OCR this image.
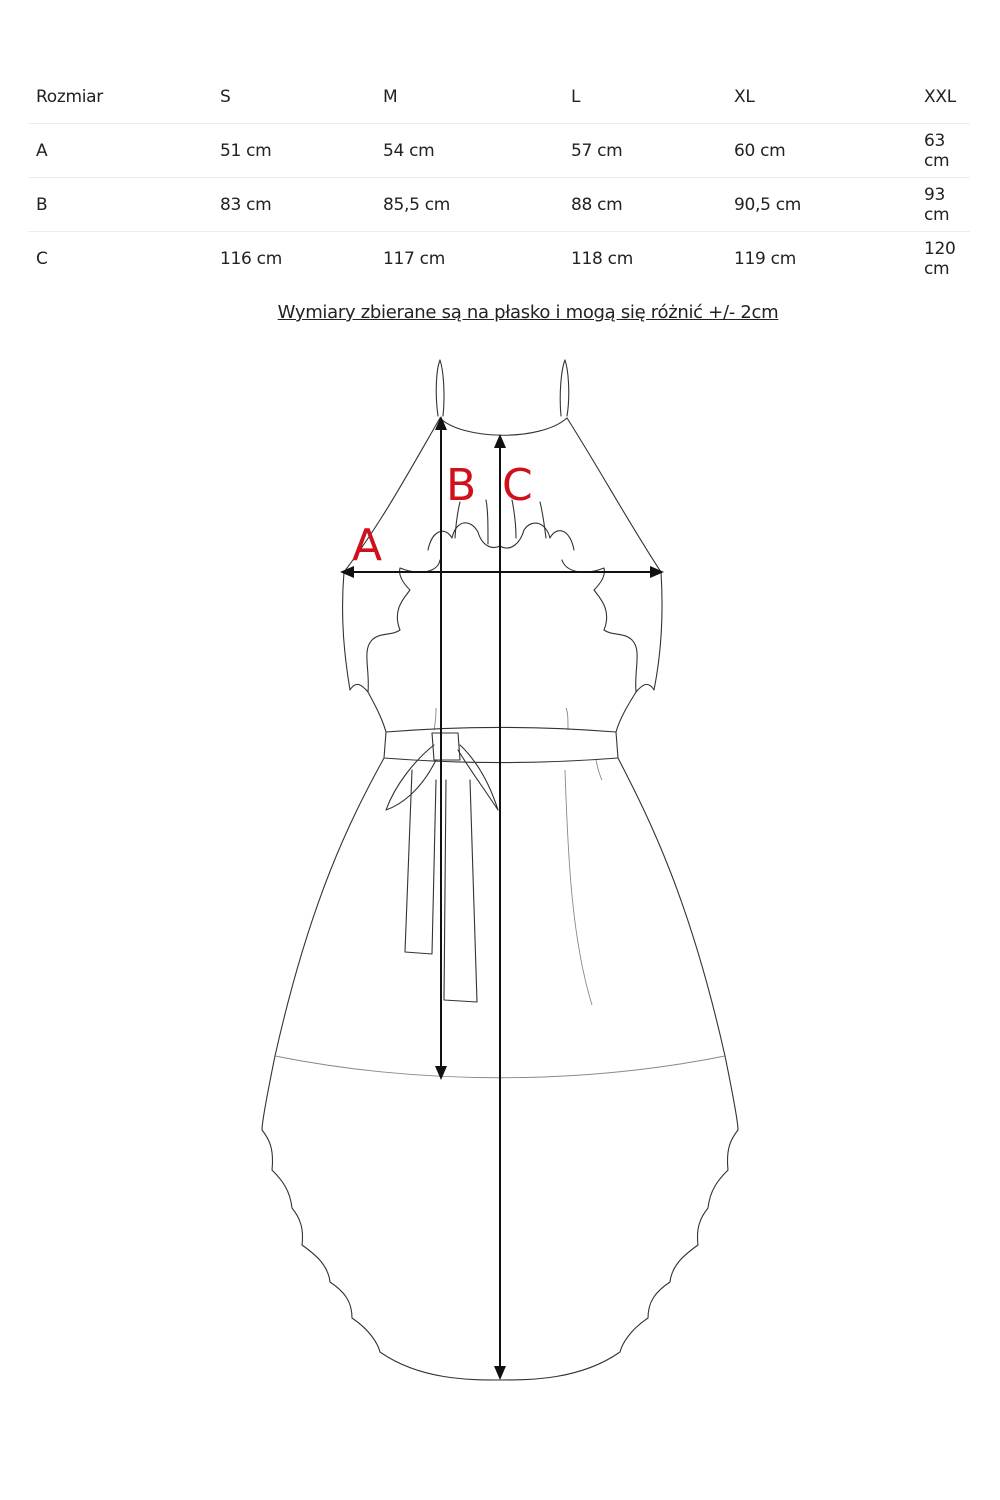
Rozmiar	S	M	L	XL	XXL
A	51 cm	54 cm	57 cm	60 cm	63 cm
B	83 cm	85,5 cm	88 cm	90,5 cm	93 cm
C	116 cm	117 cm	118 cm	119 cm	120 cm
Wymiary zbierane są na płasko i mogą się różnić +/- 2cm
A
B C
